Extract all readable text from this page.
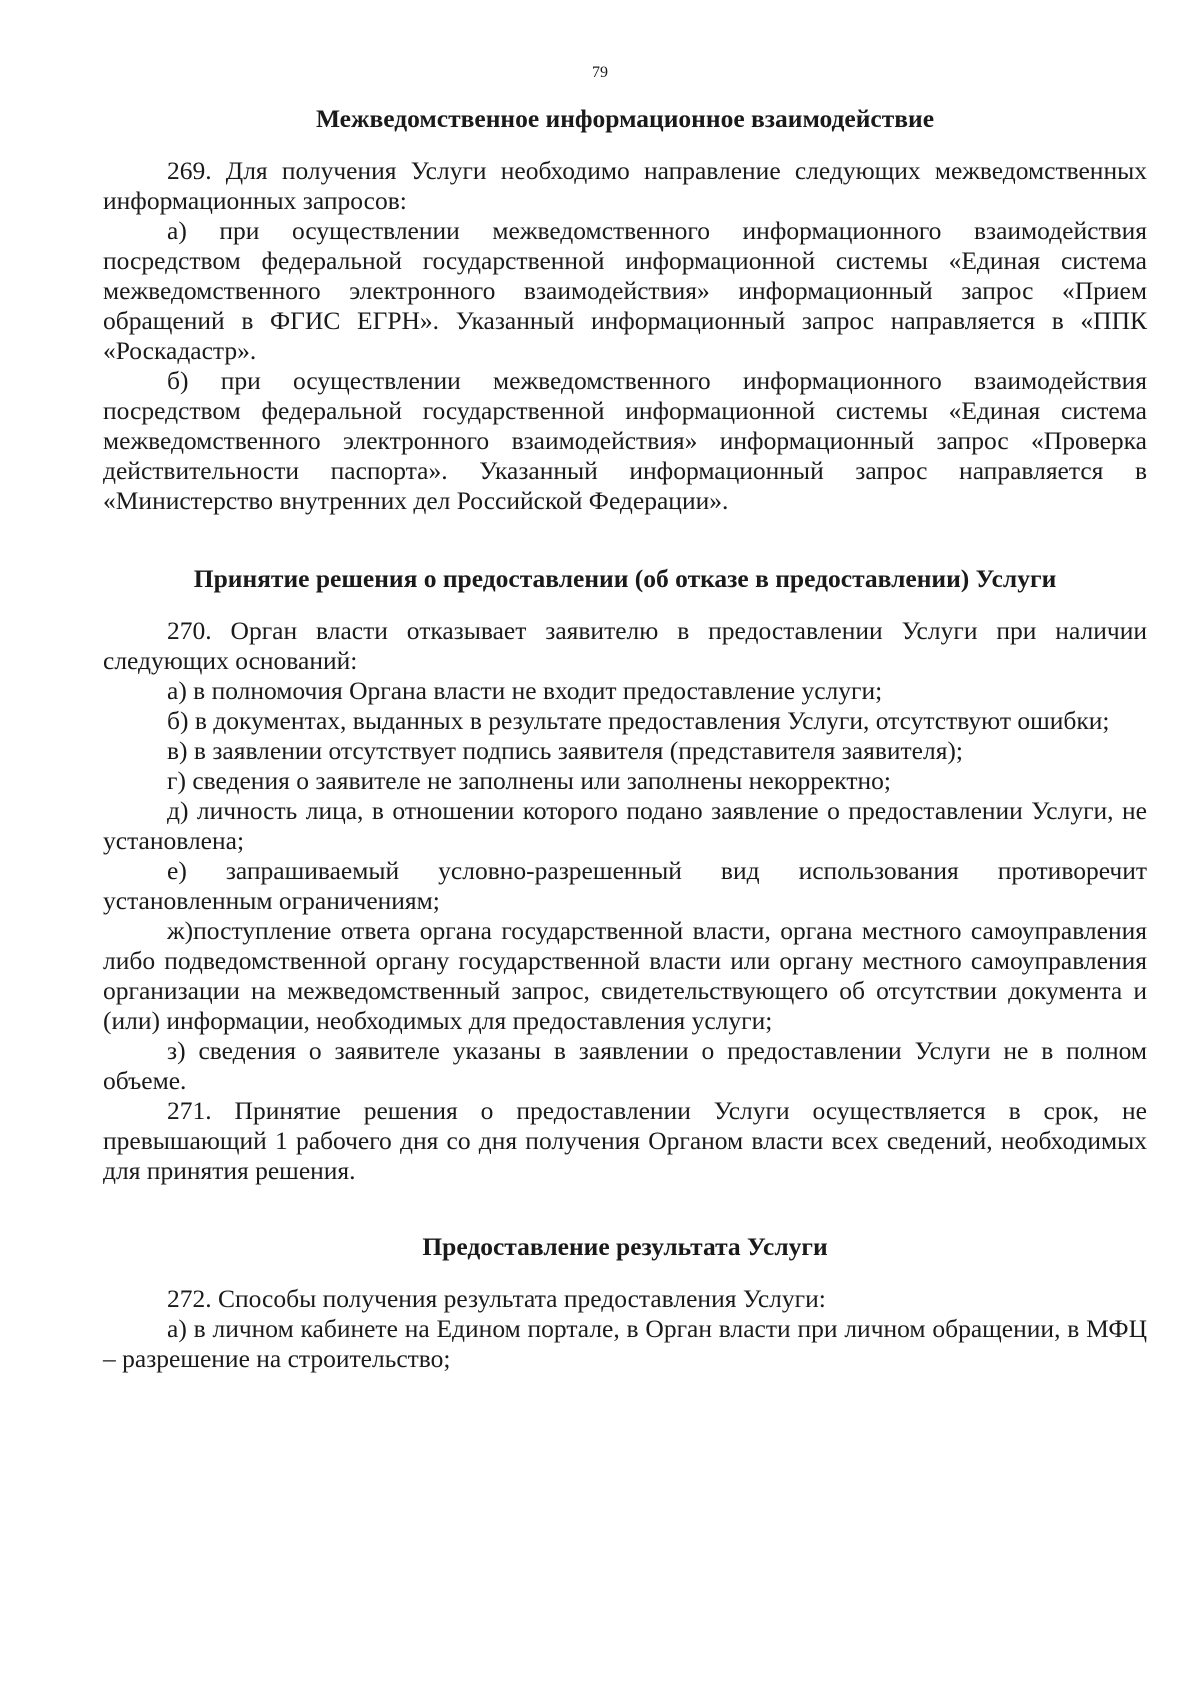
79

Межведомственное информационное взаимодействие

269. Для получения Услуги необходимо направление следующих межведомственных информационных запросов:

а) при осуществлении межведомственного информационного взаимодействия посредством федеральной государственной информационной системы «Единая система межведомственного электронного взаимодействия» информационный запрос «Прием обращений в ФГИС ЕГРН». Указанный информационный запрос направляется в «ППК «Роскадастр».

б) при осуществлении межведомственного информационного взаимодействия посредством федеральной государственной информационной системы «Единая система межведомственного электронного взаимодействия» информационный запрос «Проверка действительности паспорта». Указанный информационный запрос направляется в «Министерство внутренних дел Российской Федерации».

Принятие решения о предоставлении (об отказе в предоставлении) Услуги

270. Орган власти отказывает заявителю в предоставлении Услуги при наличии следующих оснований:

а) в полномочия Органа власти не входит предоставление услуги;

б) в документах, выданных в результате предоставления Услуги, отсутствуют ошибки;

в) в заявлении отсутствует подпись заявителя (представителя заявителя);

г) сведения о заявителе не заполнены или заполнены некорректно;

д) личность лица, в отношении которого подано заявление о предоставлении Услуги, не установлена;

е) запрашиваемый условно-разрешенный вид использования противоречит установленным ограничениям;

ж)поступление ответа органа государственной власти, органа местного самоуправления либо подведомственной органу государственной власти или органу местного самоуправления организации на межведомственный запрос, свидетельствующего об отсутствии документа и (или) информации, необходимых для предоставления услуги;

з) сведения о заявителе указаны в заявлении о предоставлении Услуги не в полном объеме.

271. Принятие решения о предоставлении Услуги осуществляется в срок, не превышающий 1 рабочего дня со дня получения Органом власти всех сведений, необходимых для принятия решения.

Предоставление результата Услуги

272. Способы получения результата предоставления Услуги:

а) в личном кабинете на Едином портале, в Орган власти при личном обращении, в МФЦ – разрешение на строительство;
